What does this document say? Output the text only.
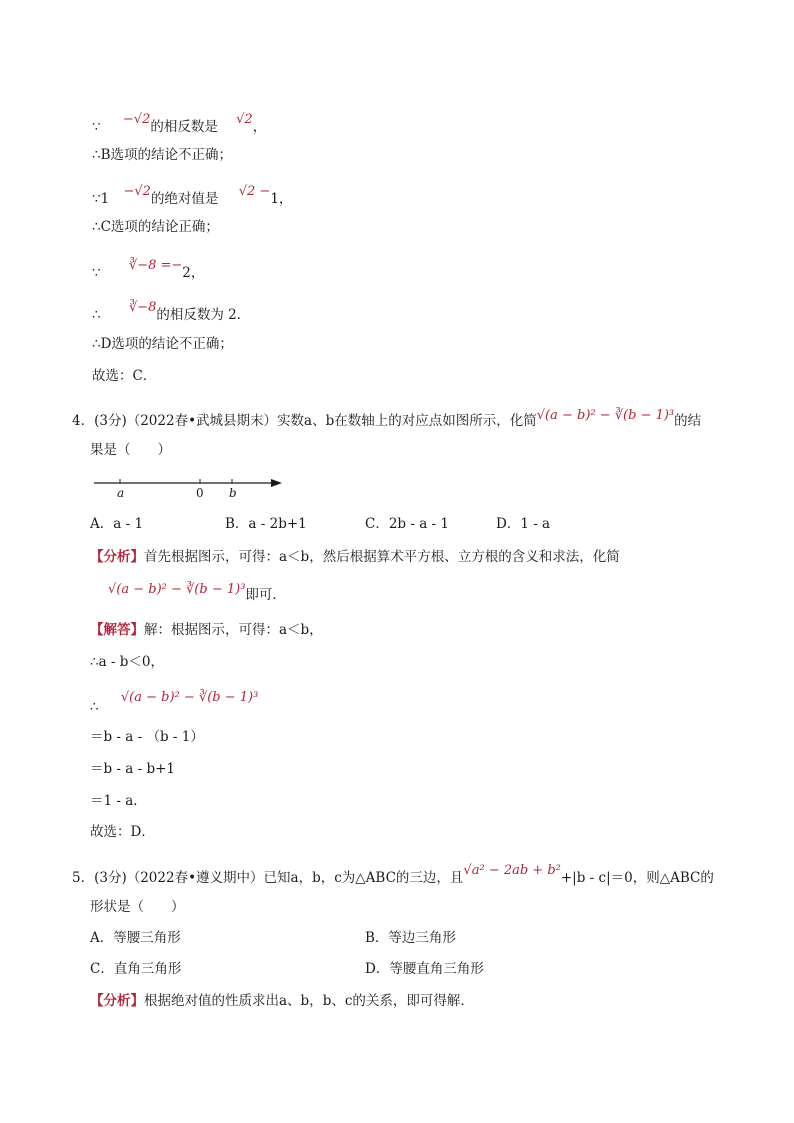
∵ −√2的相反数是 √2，
∴B选项的结论不正确；
∵1 −√2的绝对值是 √2 −1，
∴C选项的结论正确；
∵ ∛−8 =−2，
∴ ∛−8的相反数为 2．
∴D选项的结论不正确；
故选：C．
4．(3分)（2022春•武城县期末）实数a、b在数轴上的对应点如图所示，化简√(a − b)² − ∛(b − 1)³的结
果是（　　）
a	0 b
A．a - 1	B．a - 2b+1	C．2b - a - 1	D．1 - a
【分析】首先根据图示，可得：a＜b，然后根据算术平方根、立方根的含义和求法，化简
√(a − b)² − ∛(b − 1)³即可．
【解答】解：根据图示，可得：a＜b，
∴a - b＜0，
∴ √(a − b)² − ∛(b − 1)³
＝b - a - （b - 1）
＝b - a - b+1
＝1 - a．
故选：D．
5．(3分)（2022春•遵义期中）已知a，b，c为△ABC的三边，且√a² − 2ab + b²+|b - c|＝0，则△ABC的
形状是（　　）
A．等腰三角形	B．等边三角形
C．直角三角形	D．等腰直角三角形
【分析】根据绝对值的性质求出a、b，b、c的关系，即可得解．
